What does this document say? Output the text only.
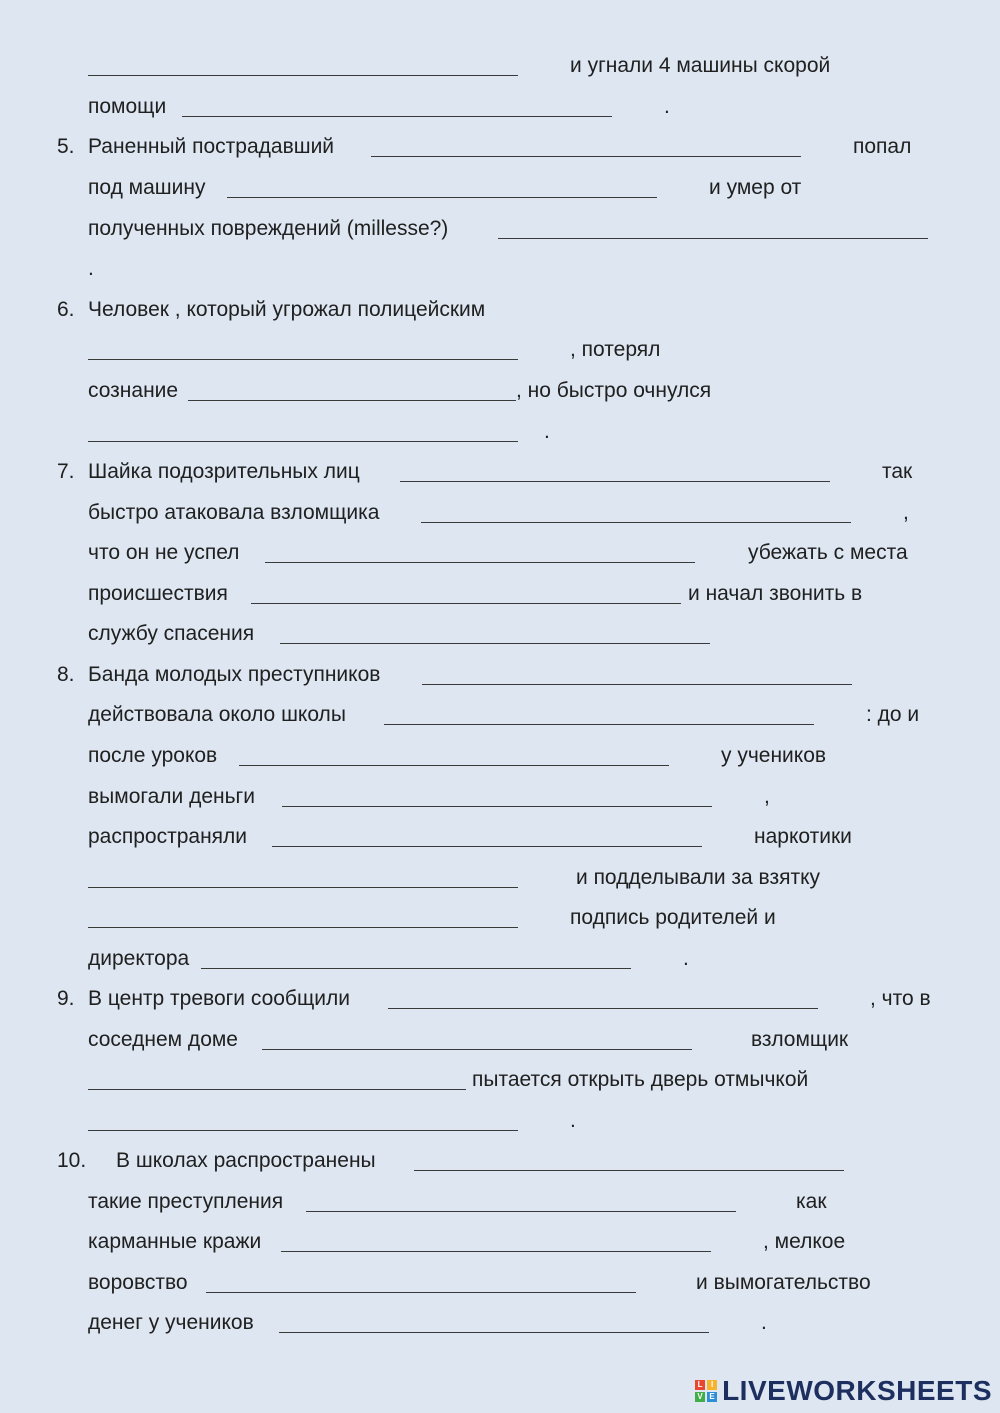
и угнали 4 машины скорой
помощи	.
5. Раненный пострадавший	попал
под машину	и умер от
полученных повреждений (millesse?)
.
6. Человек , который угрожал полицейским
, потерял
сознание	, но быстро очнулся
.
7. Шайка подозрительных лиц	так
быстро атаковала взломщика	,
что он не успел	убежать с места
происшествия	и начал звонить в
службу спасения
8. Банда молодых преступников
действовала около школы	: до и
после уроков	у учеников
вымогали деньги	,
распространяли	наркотики
и подделывали за взятку
подпись родителей и
директора	.
9. В центр тревоги сообщили	, что в
соседнем доме	взломщик
пытается открыть дверь отмычкой
.
10. В школах распространены
такие преступления	как
карманные кражи	, мелкое
воровство	и вымогательство
денег у учеников	.
L	I
V E LIVEWORKSHEETS
